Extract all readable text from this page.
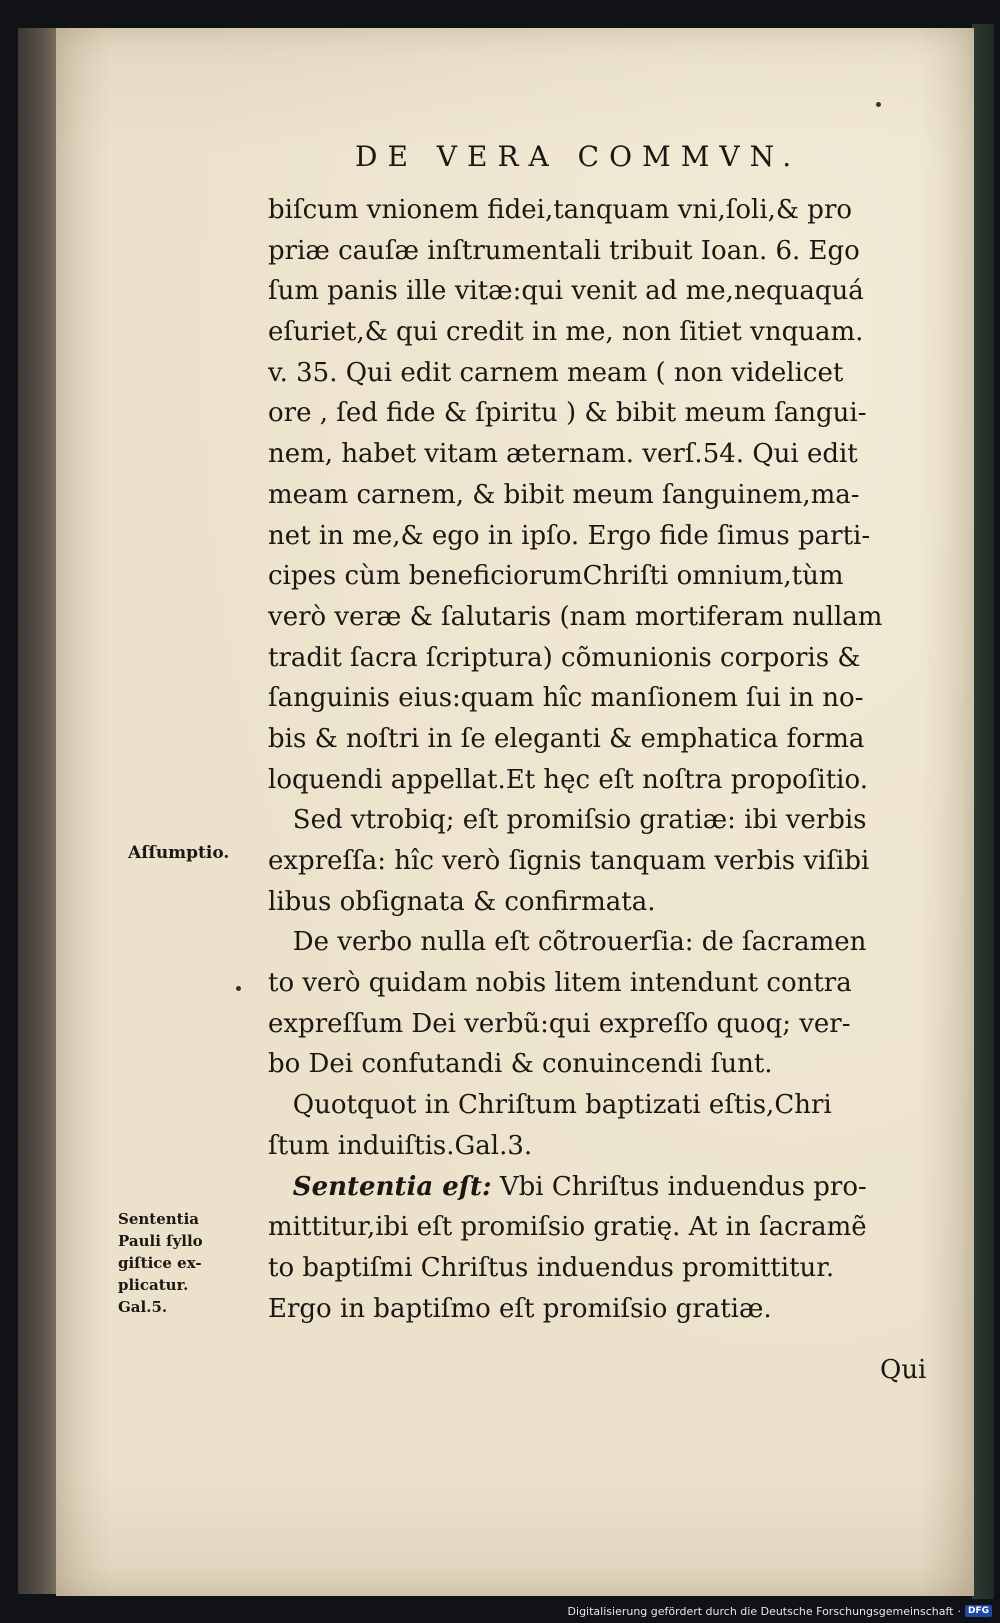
DE VERA COMMVN.
biſcum vnionem fidei,tanquam vni,ſoli,& pro
priæ cauſæ inſtrumentali tribuit Ioan. 6. Ego
ſum panis ille vitæ:qui venit ad me,nequaquá
eſuriet,& qui credit in me, non ſitiet vnquam.
v. 35. Qui edit carnem meam ( non videlicet
ore , ſed fide & ſpiritu ) & bibit meum ſangui-
nem, habet vitam æternam. verſ.54. Qui edit
meam carnem, & bibit meum ſanguinem,ma-
net in me,& ego in ipſo. Ergo fide ſimus parti-
cipes cùm beneficiorumChriſti omnium,tùm
verò veræ & ſalutaris (nam mortiferam nullam
tradit ſacra ſcriptura) cõmunionis corporis &
ſanguinis eius:quam hîc manſionem ſui in no-
bis & noſtri in ſe eleganti & emphatica forma
loquendi appellat.Et hęc eſt noſtra propoſitio.
Sed vtrobiq; eſt promiſsio gratiæ: ibi verbis
expreſſa: hîc verò ſignis tanquam verbis viſibi
libus obſignata & confirmata.
De verbo nulla eſt cõtrouerſia: de ſacramen
to verò quidam nobis litem intendunt contra
expreſſum Dei verbũ:qui expreſſo quoq; ver-
bo Dei confutandi & conuincendi ſunt.
Quotquot in Chriſtum baptizati eſtis,Chri
ſtum induiſtis.Gal.3.
Sententia eſt: Vbi Chriſtus induendus pro-
mittitur,ibi eſt promiſsio gratię. At in ſacramẽ
to baptiſmi Chriſtus induendus promittitur.
Ergo in baptiſmo eſt promiſsio gratiæ.
Aſſumptio.
Sententia
Pauli ſyllo
giſtice ex-
plicatur.
Gal.5.
Qui
Digitalisierung gefördert durch die Deutsche Forschungsgemeinschaft · DFG
